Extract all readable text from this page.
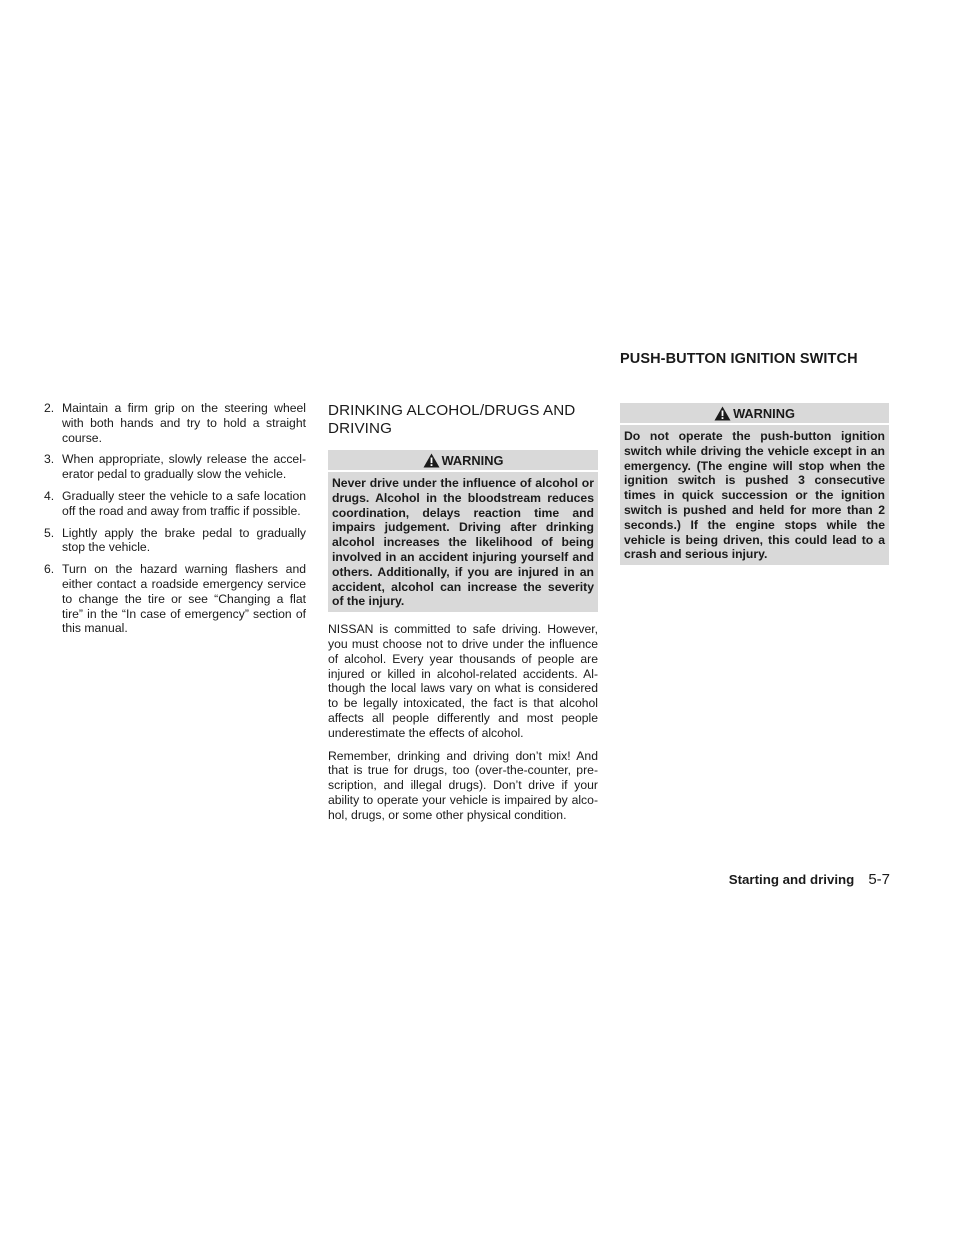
2. Maintain a firm grip on the steering wheel with both hands and try to hold a straight course.
3. When appropriate, slowly release the accelerator pedal to gradually slow the vehicle.
4. Gradually steer the vehicle to a safe location off the road and away from traffic if possible.
5. Lightly apply the brake pedal to gradually stop the vehicle.
6. Turn on the hazard warning flashers and either contact a roadside emergency service to change the tire or see “Changing a flat tire” in the “In case of emergency” section of this manual.
DRINKING ALCOHOL/DRUGS AND DRIVING
WARNING
Never drive under the influence of alcohol or drugs. Alcohol in the bloodstream reduces coordination, delays reaction time and impairs judgement. Driving after drinking alcohol increases the likelihood of being involved in an accident injuring yourself and others. Additionally, if you are injured in an accident, alcohol can increase the severity of the injury.

NISSAN is committed to safe driving. However, you must choose not to drive under the influence of alcohol. Every year thousands of people are injured or killed in alcohol-related accidents. Although the local laws vary on what is considered to be legally intoxicated, the fact is that alcohol affects all people differently and most people underestimate the effects of alcohol.

Remember, drinking and driving don’t mix! And that is true for drugs, too (over-the-counter, prescription, and illegal drugs). Don’t drive if your ability to operate your vehicle is impaired by alcohol, drugs, or some other physical condition.

PUSH-BUTTON IGNITION SWITCH
WARNING
Do not operate the push-button ignition switch while driving the vehicle except in an emergency. (The engine will stop when the ignition switch is pushed 3 consecutive times in quick succession or the ignition switch is pushed and held for more than 2 seconds.) If the engine stops while the vehicle is being driven, this could lead to a crash and serious injury.
Starting and driving 5-7
